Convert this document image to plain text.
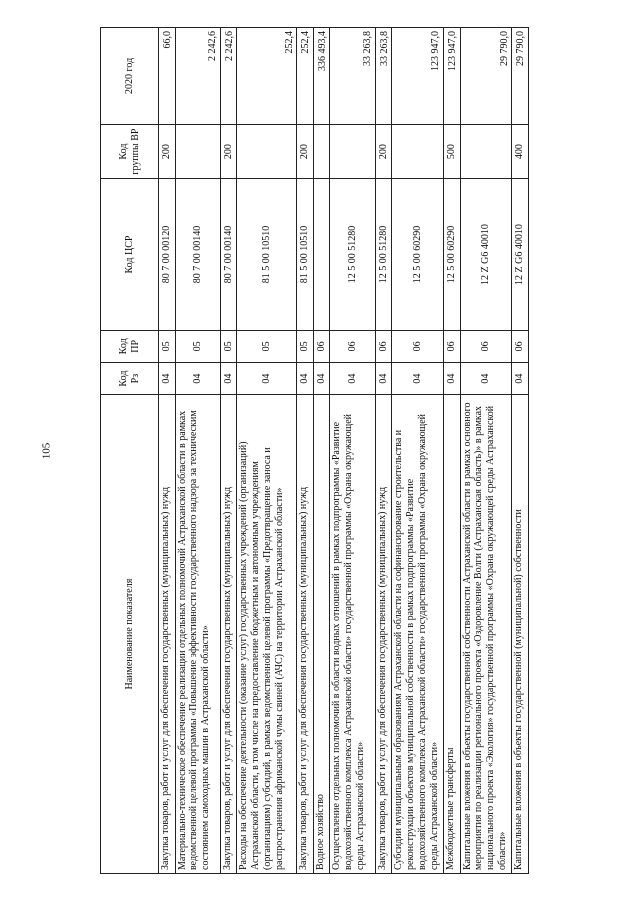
105
Наименование показателя	Код Рз	Код ПР	Код ЦСР	Код группы ВР	2020 год
Закупка товаров, работ и услуг для обеспечения государственных (муниципальных) нужд	04	05	80 7 00 00120	200	66,0
Материально-техническое обеспечение реализации отдельных полномочий Астраханской области в рамках ведомственной целевой программы «Повышение эффективности государственного надзора за техническим состоянием самоходных машин в Астраханской области»	04	05	80 7 00 00140		2 242,6
Закупка товаров, работ и услуг для обеспечения государственных (муниципальных) нужд	04	05	80 7 00 00140	200	2 242,6
Расходы на обеспечение деятельности (оказание услуг) государственных учреждений (организаций) Астраханской области, в том числе на предоставление бюджетным и автономным учреждениям (организациям) субсидий, в рамках ведомственной целевой программы «Предотвращение заноса и распространения африканской чумы свиней (АЧС) на территории Астраханской области»	04	05	81 5 00 10510		252,4
Закупка товаров, работ и услуг для обеспечения государственных (муниципальных) нужд	04	05	81 5 00 10510	200	252,4
Водное хозяйство	04	06			336 493,4
Осуществление отдельных полномочий в области водных отношений в рамках подпрограммы «Развитие водохозяйственного комплекса Астраханской области» государственной программы «Охрана окружающей среды Астраханской области»	04	06	12 5 00 51280		33 263,8
Закупка товаров, работ и услуг для обеспечения государственных (муниципальных) нужд	04	06	12 5 00 51280	200	33 263,8
Субсидии муниципальным образованиям Астраханской области на софинансирование строительства и реконструкции объектов муниципальной собственности в рамках подпрограммы «Развитие водохозяйственного комплекса Астраханской области» государственной программы «Охрана окружающей среды Астраханской области»	04	06	12 5 00 60290		123 947,0
Межбюджетные трансферты	04	06	12 5 00 60290	500	123 947,0
Капитальные вложения в объекты государственной собственности Астраханской области в рамках основного мероприятия по реализации регионального проекта «Оздоровление Волги (Астраханская область)» в рамках национального проекта «Экология» государственной программы «Охрана окружающей среды Астраханской области»	04	06	12 Z G6 40010		29 790,0
Капитальные вложения в объекты государственной (муниципальной) собственности	04	06	12 Z G6 40010	400	29 790,0
